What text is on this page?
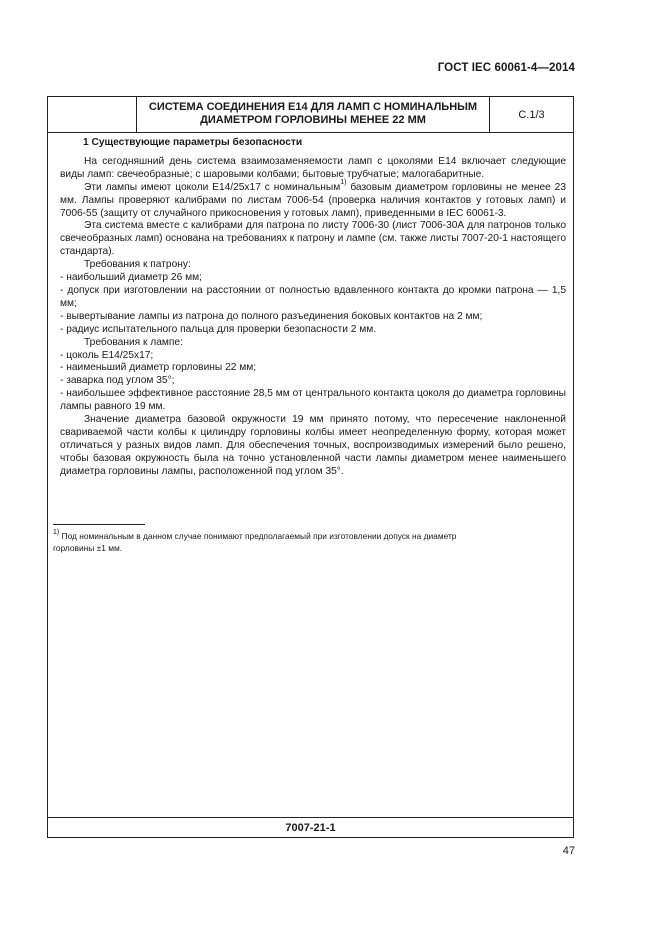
ГОСТ IEC 60061-4—2014
СИСТЕМА СОЕДИНЕНИЯ Е14 ДЛЯ ЛАМП С НОМИНАЛЬНЫМ
ДИАМЕТРОМ ГОРЛОВИНЫ МЕНЕЕ 22 ММ	С.1/3
1 Существующие параметры безопасности

На сегодняшний день система взаимозаменяемости ламп с цоколями Е14 включает следующие виды ламп: свечеобразные; с шаровыми колбами; бытовые трубчатые; малогабаритные.

Эти лампы имеют цоколи Е14/25х17 с номинальным$^{1)}$ базовым диаметром горловины не менее 23 мм. Лампы проверяют калибрами по листам 7006-54 (проверка наличия контактов у готовых ламп) и 7006-55 (защиту от случайного прикосновения у готовых ламп), приведенными в IEC 60061-3.

Эта система вместе с калибрами для патрона по листу 7006-30 (лист 7006-30А для патронов только свечеобразных ламп) основана на требованиях к патрону и лампе (см. также листы 7007-20-1 настоящего стандарта).

Требования к патрону:

- наибольший диаметр 26 мм;

- допуск при изготовлении на расстоянии от полностью вдавленного контакта до кромки патрона — 1,5 мм;

- вывертывание лампы из патрона до полного разъединения боковых контактов на 2 мм;

- радиус испытательного пальца для проверки безопасности 2 мм.

Требования к лампе:

- цоколь Е14/25х17;

- наименьший диаметр горловины 22 мм;

- заварка под углом 35°;

- наибольшее эффективное расстояние 28,5 мм от центрального контакта цоколя до диаметра горловины лампы равного 19 мм.

Значение диаметра базовой окружности 19 мм принято потому, что пересечение наклоненной свариваемой части колбы к цилиндру горловины колбы имеет неопределенную форму, которая может отличаться у разных видов ламп. Для обеспечения точных, воспроизводимых измерений было решено, чтобы базовая окружность была на точно установленной части лампы диаметром менее наименьшего диаметра горловины лампы, расположенной под углом 35°.

$^{1)}$ Под номинальным в данном случае понимают предполагаемый при изготовлении допуск на диаметр
горловины ±1 мм.
7007-21-1
47
